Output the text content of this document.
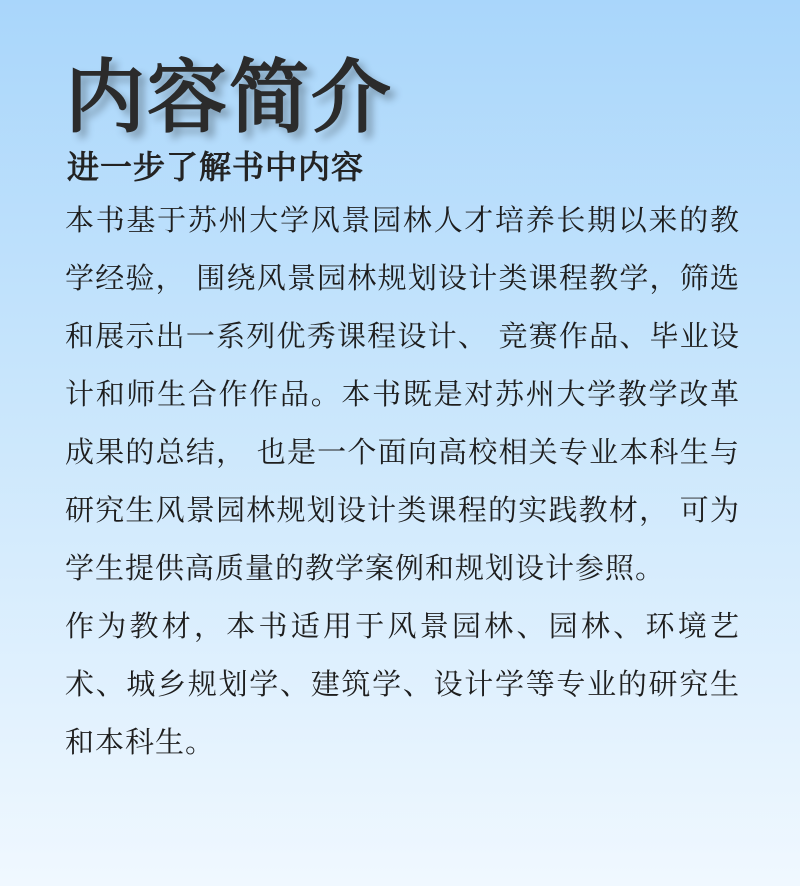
内容简介
进一步了解书中内容

本书基于苏州大学风景园林人才培养长期以来的教学经验， 围绕风景园林规划设计类课程教学，筛选和展示出一系列优秀课程设计、 竞赛作品、毕业设计和师生合作作品。本书既是对苏州大学教学改革成果的总结， 也是一个面向高校相关专业本科生与研究生风景园林规划设计类课程的实践教材， 可为学生提供高质量的教学案例和规划设计参照。

作为教材，本书适用于风景园林、园林、环境艺术、城乡规划学、建筑学、设计学等专业的研究生和本科生。
